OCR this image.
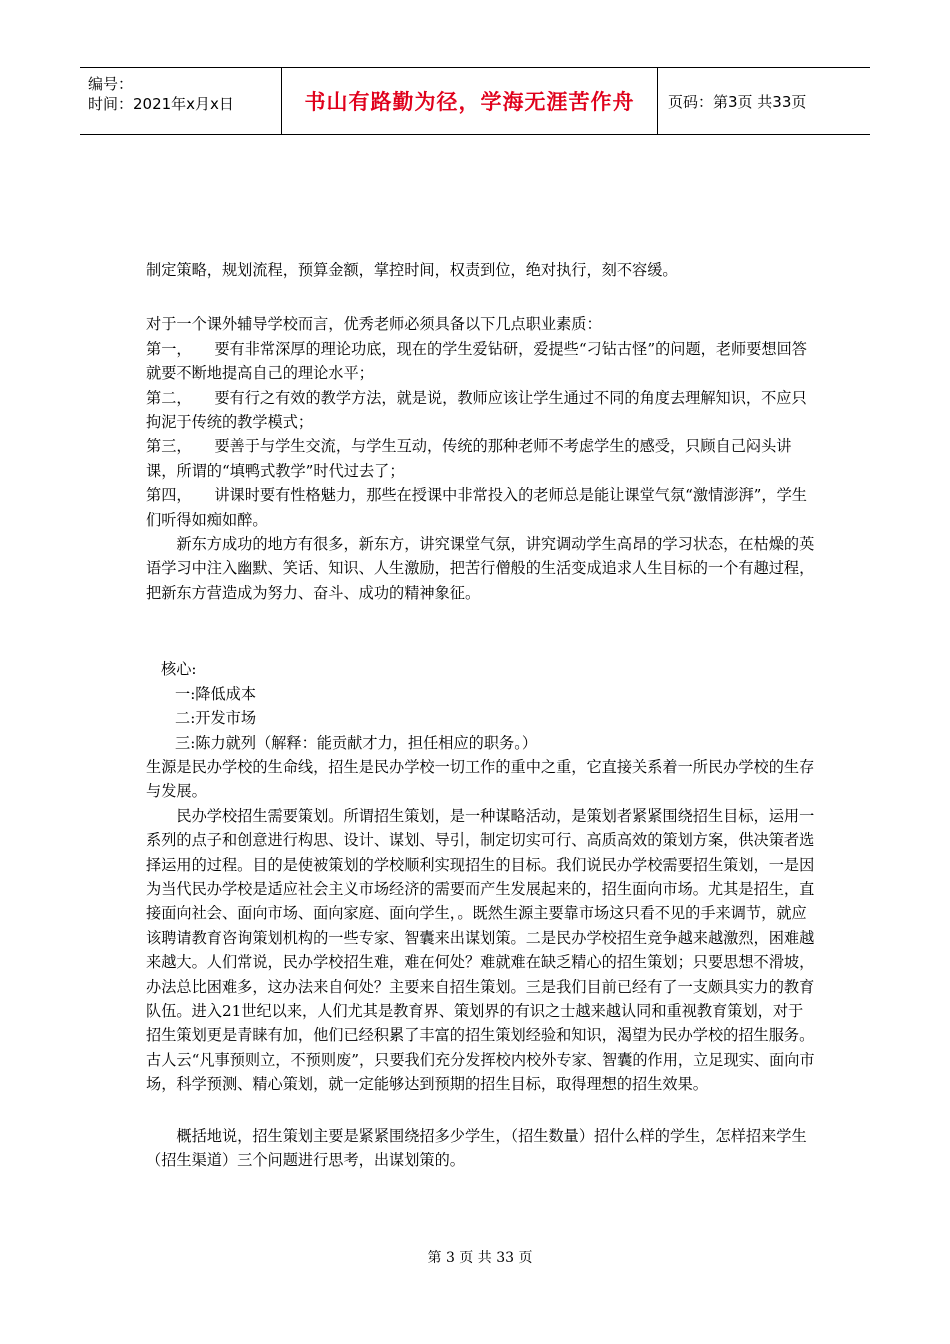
编号：
时间：2021年x月x日	书山有路勤为径，学海无涯苦作舟	页码：第3页 共33页

制定策略，规划流程，预算金额，掌控时间，权责到位，绝对执行，刻不容缓。

对于一个课外辅导学校而言，优秀老师必须具备以下几点职业素质：

第一，　　要有非常深厚的理论功底，现在的学生爱钻研，爱提些“刁钻古怪”的问题，老师要想回答就要不断地提高自己的理论水平；

第二，　　要有行之有效的教学方法，就是说，教师应该让学生通过不同的角度去理解知识，不应只拘泥于传统的教学模式；

第三，　　要善于与学生交流，与学生互动，传统的那种老师不考虑学生的感受，只顾自己闷头讲课，所谓的“填鸭式教学”时代过去了；

第四，　　讲课时要有性格魅力，那些在授课中非常投入的老师总是能让课堂气氛“激情澎湃”，学生们听得如痴如醉。

新东方成功的地方有很多，新东方，讲究课堂气氛，讲究调动学生高昂的学习状态，在枯燥的英语学习中注入幽默、笑话、知识、人生激励，把苦行僧般的生活变成追求人生目标的一个有趣过程，把新东方营造成为努力、奋斗、成功的精神象征。

核心:

一:降低成本

二:开发市场

三:陈力就列（解释：能贡献才力，担任相应的职务。）

生源是民办学校的生命线，招生是民办学校一切工作的重中之重，它直接关系着一所民办学校的生存与发展。

民办学校招生需要策划。所谓招生策划，是一种谋略活动，是策划者紧紧围绕招生目标，运用一系列的点子和创意进行构思、设计、谋划、导引，制定切实可行、高质高效的策划方案，供决策者选择运用的过程。目的是使被策划的学校顺利实现招生的目标。我们说民办学校需要招生策划，一是因为当代民办学校是适应社会主义市场经济的需要而产生发展起来的，招生面向市场。尤其是招生，直接面向社会、面向市场、面向家庭、面向学生，。既然生源主要靠市场这只看不见的手来调节，就应该聘请教育咨询策划机构的一些专家、智囊来出谋划策。二是民办学校招生竞争越来越激烈，困难越来越大。人们常说，民办学校招生难，难在何处？难就难在缺乏精心的招生策划；只要思想不滑坡，办法总比困难多，这办法来自何处？主要来自招生策划。三是我们目前已经有了一支颇具实力的教育队伍。进入21世纪以来，人们尤其是教育界、策划界的有识之士越来越认同和重视教育策划，对于招生策划更是青睐有加，他们已经积累了丰富的招生策划经验和知识，渴望为民办学校的招生服务。古人云“凡事预则立，不预则废”，只要我们充分发挥校内校外专家、智囊的作用，立足现实、面向市场，科学预测、精心策划，就一定能够达到预期的招生目标，取得理想的招生效果。

概括地说，招生策划主要是紧紧围绕招多少学生，（招生数量）招什么样的学生，怎样招来学生（招生渠道）三个问题进行思考，出谋划策的。

第 3 页 共 33 页
